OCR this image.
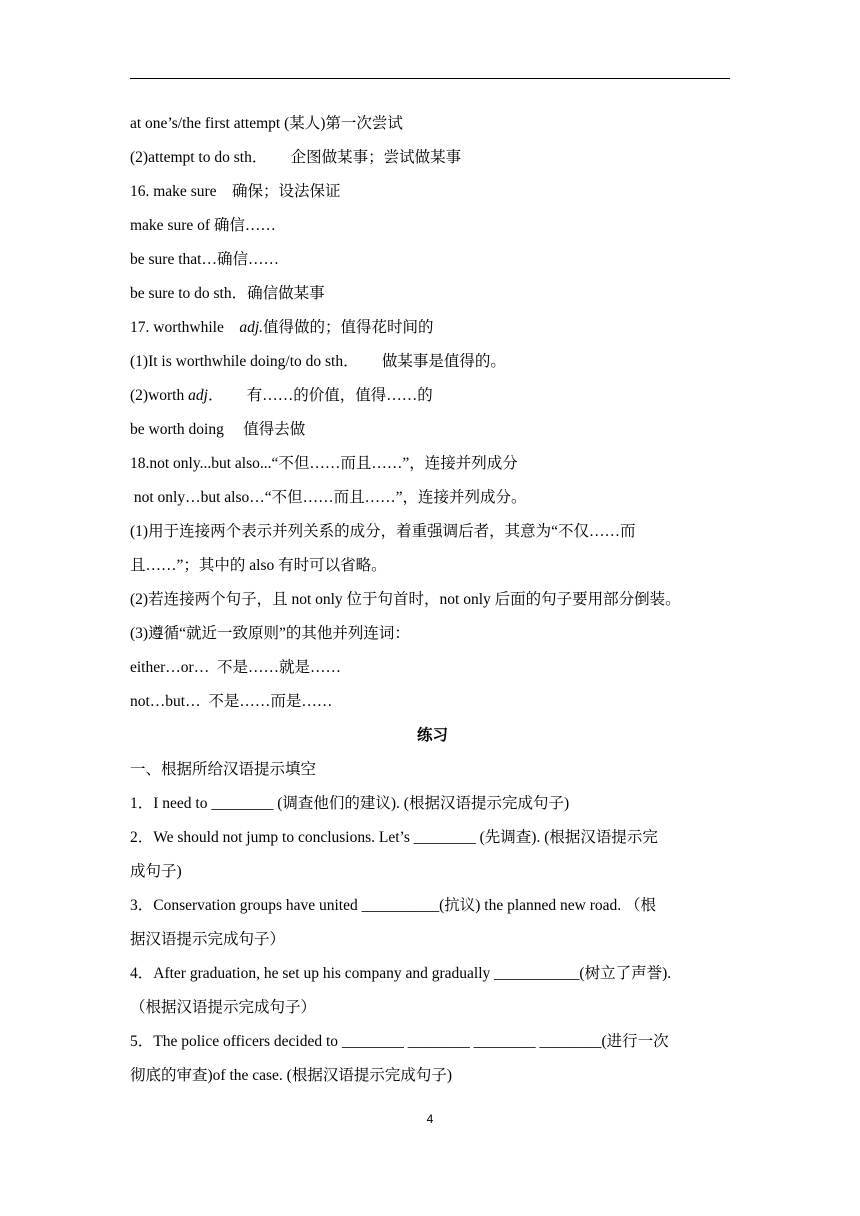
at one’s/the first attempt (某人)第一次尝试
(2)attempt to do sth．      企图做某事；尝试做某事
16. make sure    确保；设法保证
make sure of 确信……
be sure that…确信……
be sure to do sth．确信做某事
17. worthwhile    adj.值得做的；值得花时间的
(1)It is worthwhile doing/to do sth．      做某事是值得的。
(2)worth adj．      有……的价值，值得……的
be worth doing     值得去做
18.not only...but also...“不但……而且……”，连接并列成分
not only…but also…“不但……而且……”，连接并列成分。
(1)用于连接两个表示并列关系的成分，着重强调后者，其意为“不仅……而
且……”；其中的 also 有时可以省略。
(2)若连接两个句子，且 not only 位于句首时，not only 后面的句子要用部分倒装。
(3)遵循“就近一致原则”的其他并列连词：
either…or…  不是……就是……
not…but…  不是……而是……
练习
一、根据所给汉语提示填空
1．I need to ________ (调查他们的建议). (根据汉语提示完成句子)
2．We should not jump to conclusions. Let’s ________ (先调查). (根据汉语提示完
成句子)
3．Conservation groups have united __________(抗议) the planned new road. （根
据汉语提示完成句子）
4．After graduation, he set up his company and gradually ___________(树立了声誉).
（根据汉语提示完成句子）
5．The police officers decided to ________ ________ ________ ________(进行一次
彻底的审查)of the case. (根据汉语提示完成句子)
4
